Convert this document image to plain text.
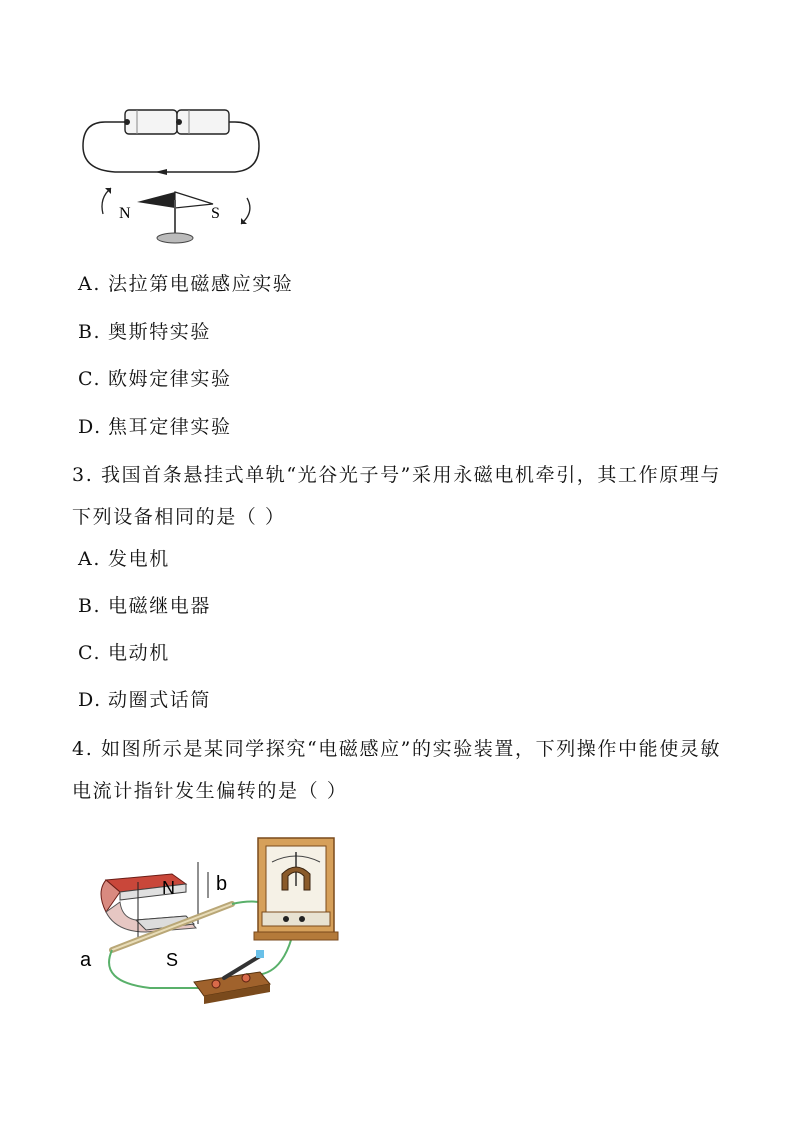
N	S
A. 法拉第电磁感应实验
B. 奥斯特实验
C. 欧姆定律实验
D. 焦耳定律实验
3. 我国首条悬挂式单轨“光谷光子号”采用永磁电机牵引，其工作原理与
下列设备相同的是（ ）
A. 发电机
B. 电磁继电器
C. 电动机
D. 动圈式话筒
4. 如图所示是某同学探究“电磁感应”的实验装置，下列操作中能使灵敏
电流计指针发生偏转的是（ ）
N
S
a
b
